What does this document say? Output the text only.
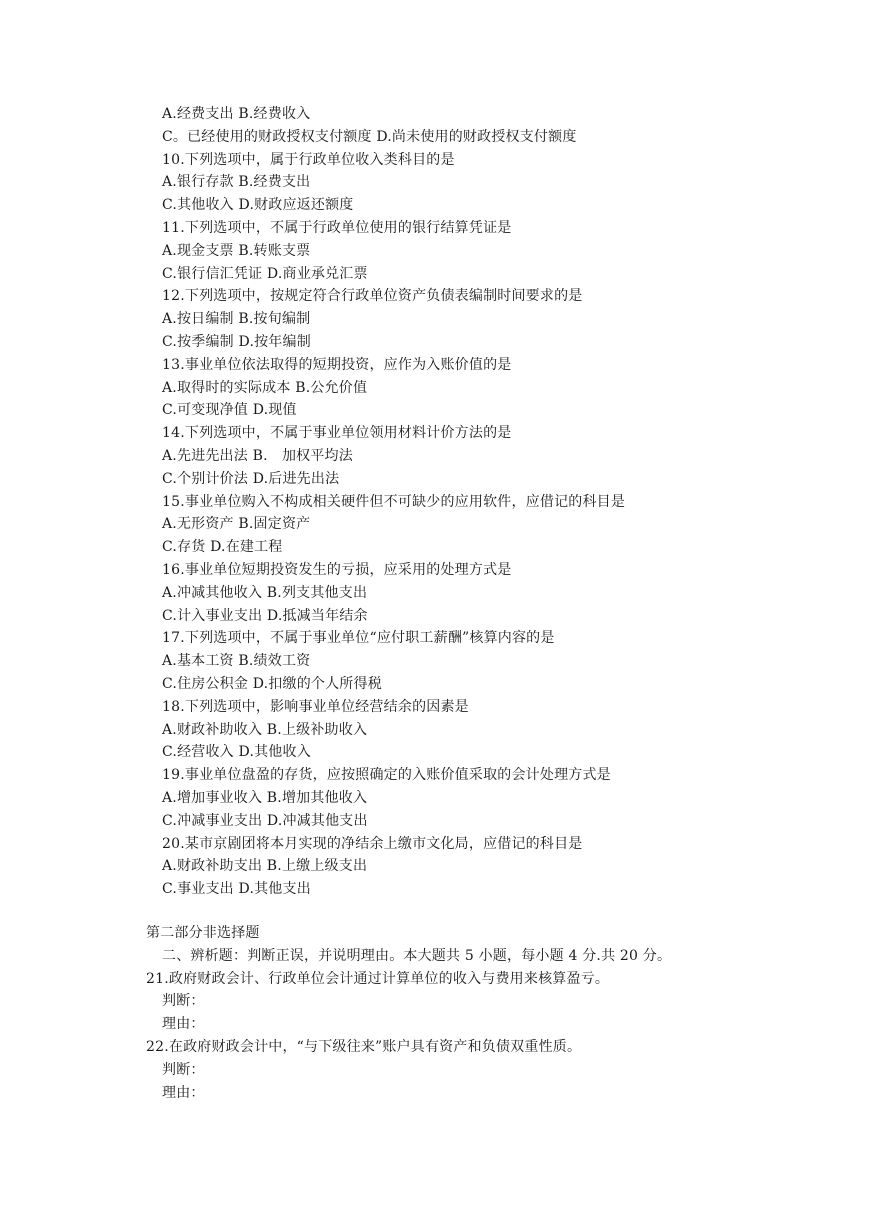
A.经费支出 B.经费收入
C。已经使用的财政授权支付额度 D.尚未使用的财政授权支付额度
10.下列选项中，属于行政单位收入类科目的是
A.银行存款 B.经费支出
C.其他收入 D.财政应返还额度
11.下列选项中，不属于行政单位使用的银行结算凭证是
A.现金支票 B.转账支票
C.银行信汇凭证 D.商业承兑汇票
12.下列选项中，按规定符合行政单位资产负债表编制时间要求的是
A.按日编制 B.按旬编制
C.按季编制 D.按年编制
13.事业单位依法取得的短期投资，应作为入账价值的是
A.取得时的实际成本 B.公允价值
C.可变现净值 D.现值
14.下列选项中，不属于事业单位领用材料计价方法的是
A.先进先出法 B.　加权平均法
C.个别计价法 D.后进先出法
15.事业单位购入不构成相关硬件但不可缺少的应用软件，应借记的科目是
A.无形资产 B.固定资产
C.存货 D.在建工程
16.事业单位短期投资发生的亏损，应采用的处理方式是
A.冲减其他收入 B.列支其他支出
C.计入事业支出 D.抵减当年结余
17.下列选项中，不属于事业单位“应付职工薪酬”核算内容的是
A.基本工资 B.绩效工资
C.住房公积金 D.扣缴的个人所得税
18.下列选项中，影响事业单位经营结余的因素是
A.财政补助收入 B.上级补助收入
C.经营收入 D.其他收入
19.事业单位盘盈的存货，应按照确定的入账价值采取的会计处理方式是
A.增加事业收入 B.增加其他收入
C.冲减事业支出 D.冲减其他支出
20.某市京剧团将本月实现的净结余上缴市文化局，应借记的科目是
A.财政补助支出 B.上缴上级支出
C.事业支出 D.其他支出
第二部分非选择题
二、辨析题：判断正误，并说明理由。本大题共 5 小题，每小题 4 分.共 20 分。
21.政府财政会计、行政单位会计通过计算单位的收入与费用来核算盈亏。
判断：
理由：
22.在政府财政会计中，“与下级往来”账户具有资产和负债双重性质。
判断：
理由：
